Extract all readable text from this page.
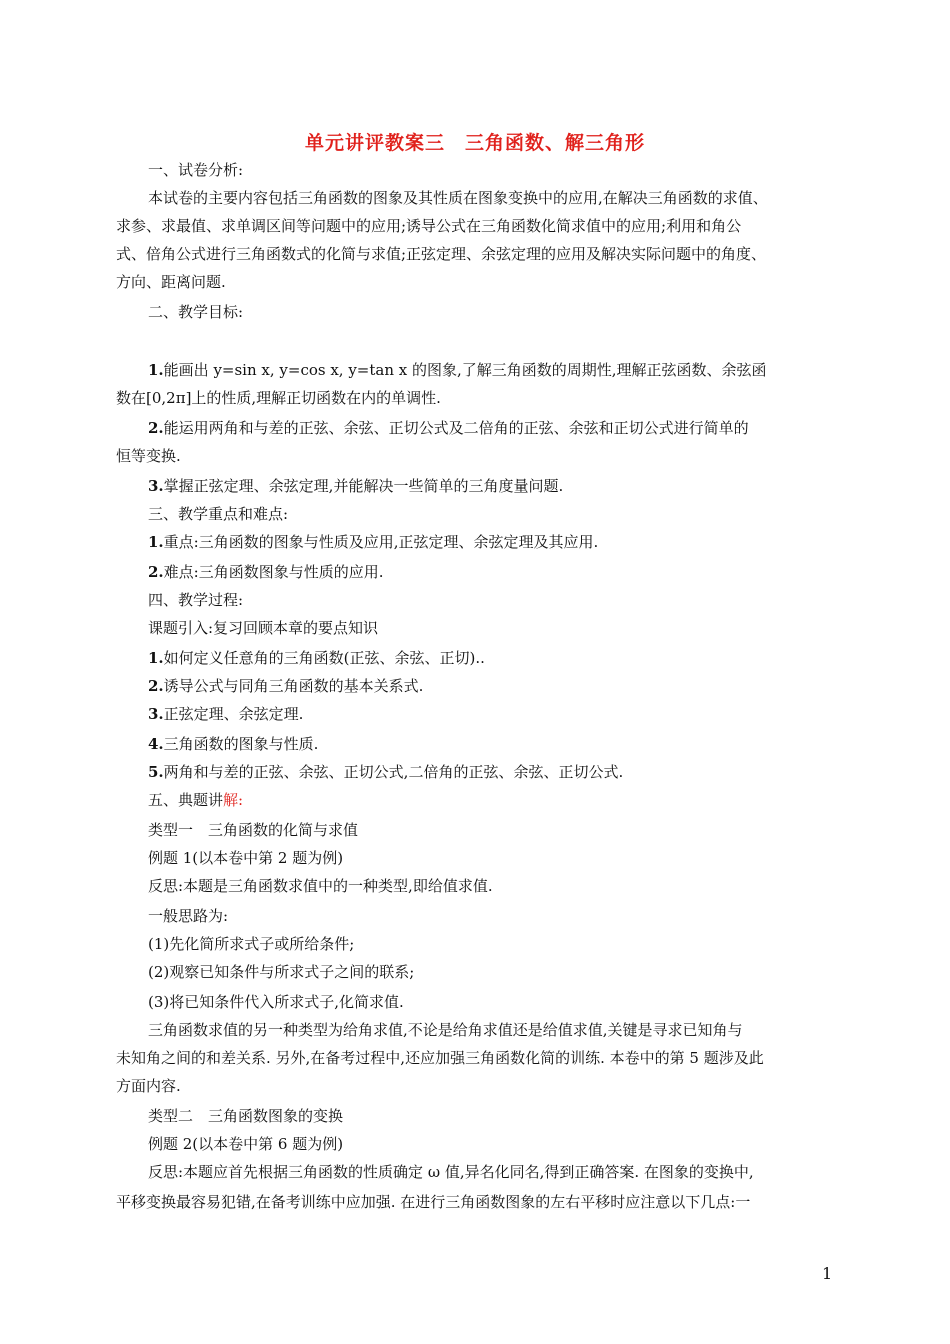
单元讲评教案三　三角函数、解三角形
一、试卷分析:
本试卷的主要内容包括三角函数的图象及其性质在图象变换中的应用,在解决三角函数的求值、
求参、求最值、求单调区间等问题中的应用;诱导公式在三角函数化简求值中的应用;利用和角公
式、倍角公式进行三角函数式的化简与求值;正弦定理、余弦定理的应用及解决实际问题中的角度、
方向、距离问题.
二、教学目标:
1.能画出 y=sin x, y=cos x, y=tan x 的图象,了解三角函数的周期性,理解正弦函数、余弦函
数在[0,2π]上的性质,理解正切函数在内的单调性.
2.能运用两角和与差的正弦、余弦、正切公式及二倍角的正弦、余弦和正切公式进行简单的
恒等变换.
3.掌握正弦定理、余弦定理,并能解决一些简单的三角度量问题.
三、教学重点和难点:
1.重点:三角函数的图象与性质及应用,正弦定理、余弦定理及其应用.
2.难点:三角函数图象与性质的应用.
四、教学过程:
课题引入:复习回顾本章的要点知识
1.如何定义任意角的三角函数(正弦、余弦、正切)..
2.诱导公式与同角三角函数的基本关系式.
3.正弦定理、余弦定理.
4.三角函数的图象与性质.
5.两角和与差的正弦、余弦、正切公式,二倍角的正弦、余弦、正切公式.
五、典题讲解:
类型一　三角函数的化简与求值
例题 1(以本卷中第 2 题为例)
反思:本题是三角函数求值中的一种类型,即给值求值.
一般思路为:
(1)先化简所求式子或所给条件;
(2)观察已知条件与所求式子之间的联系;
(3)将已知条件代入所求式子,化简求值.
三角函数求值的另一种类型为给角求值,不论是给角求值还是给值求值,关键是寻求已知角与
未知角之间的和差关系. 另外,在备考过程中,还应加强三角函数化简的训练. 本卷中的第 5 题涉及此
方面内容.
类型二　三角函数图象的变换
例题 2(以本卷中第 6 题为例)
反思:本题应首先根据三角函数的性质确定 ω 值,异名化同名,得到正确答案. 在图象的变换中,
平移变换最容易犯错,在备考训练中应加强. 在进行三角函数图象的左右平移时应注意以下几点:一
1
